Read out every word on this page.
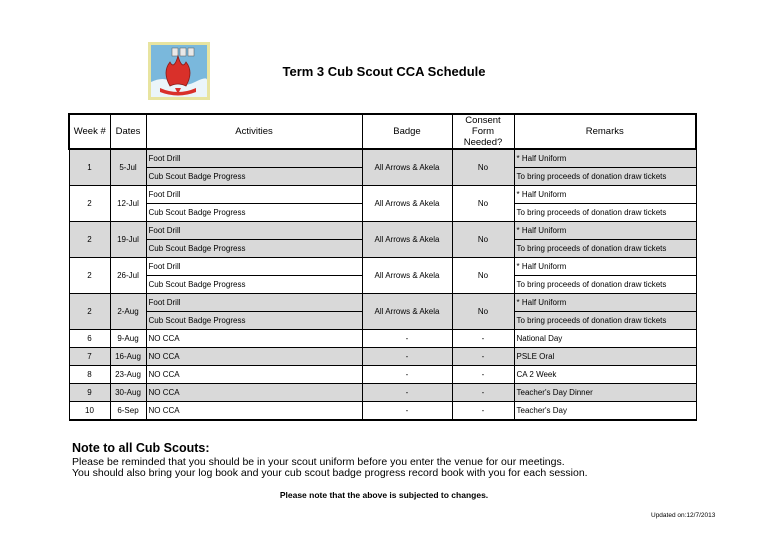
Term 3 Cub Scout CCA Schedule
Week #	Dates	Activities	Badge	Consent Form Needed?	Remarks
1	5-Jul	Foot Drill	All Arrows & Akela	No	* Half Uniform
		Cub Scout Badge Progress			To bring proceeds of donation draw tickets
2	12-Jul	Foot Drill	All Arrows & Akela	No	* Half Uniform
		Cub Scout Badge Progress			To bring proceeds of donation draw tickets
2	19-Jul	Foot Drill	All Arrows & Akela	No	* Half Uniform
		Cub Scout Badge Progress			To bring proceeds of donation draw tickets
2	26-Jul	Foot Drill	All Arrows & Akela	No	* Half Uniform
		Cub Scout Badge Progress			To bring proceeds of donation draw tickets
2	2-Aug	Foot Drill	All Arrows & Akela	No	* Half Uniform
		Cub Scout Badge Progress			To bring proceeds of donation draw tickets
6	9-Aug	NO CCA	-	-	National Day
7	16-Aug	NO CCA	-	-	PSLE Oral
8	23-Aug	NO CCA	-	-	CA 2 Week
9	30-Aug	NO CCA	-	-	Teacher's Day Dinner
10	6-Sep	NO CCA	-	-	Teacher's Day
Note to all Cub Scouts:
Please be reminded that you should be in your scout uniform before you enter the venue for our meetings.
You should also bring your log book and your cub scout badge progress record book with you for each session.
Please note that the above is subjected to changes.
Updated on:12/7/2013
